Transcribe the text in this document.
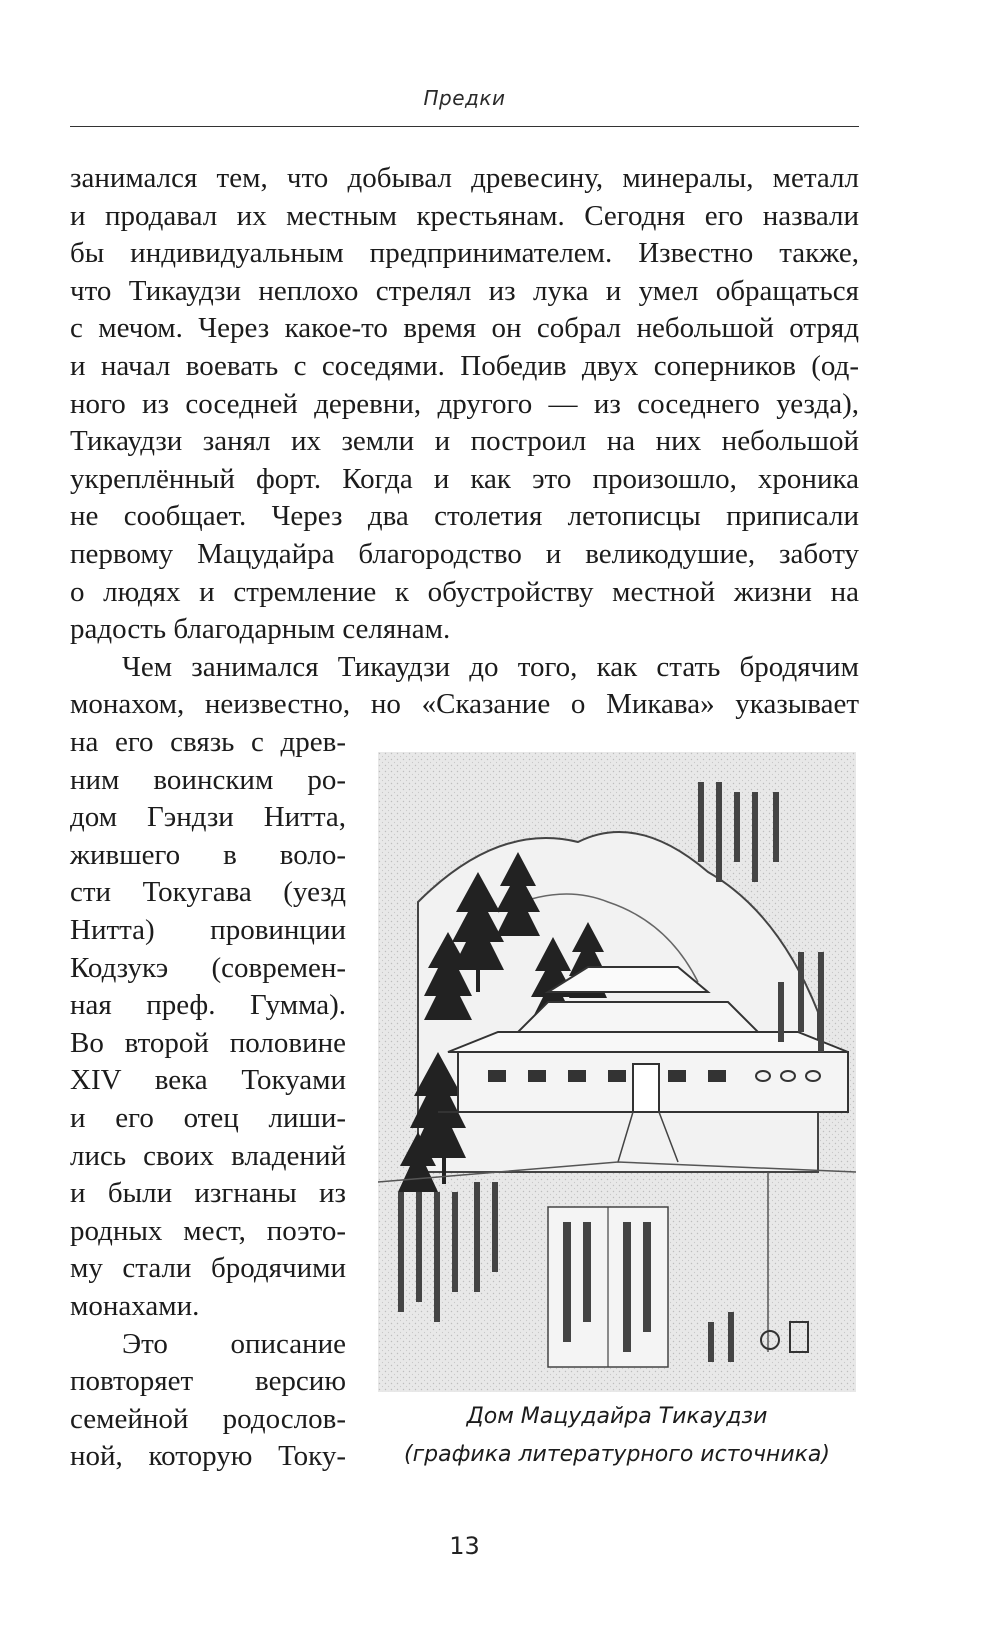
Предки
занимался тем, что добывал древесину, минералы, металл
и продавал их местным крестьянам. Сегодня его назвали
бы индивидуальным предпринимателем. Известно также,
что Тикаудзи неплохо стрелял из лука и умел обращаться
с мечом. Через какое-то время он собрал небольшой отряд
и начал воевать с соседями. Победив двух соперников (од-
ного из соседней деревни, другого — из соседнего уезда),
Тикаудзи занял их земли и построил на них небольшой
укреплённый форт. Когда и как это произошло, хроника
не сообщает. Через два столетия летописцы приписали
первому Мацудайра благородство и великодушие, заботу
о людях и стремление к обустройству местной жизни на
радость благодарным селянам.
Чем занимался Тикаудзи до того, как стать бродячим
монахом, неизвестно, но «Сказание о Микава» указывает
на его связь с древ-
ним воинским ро-
дом Гэндзи Нитта,
жившего в воло-
сти Токугава (уезд
Нитта) провинции
Кодзукэ (современ-
ная преф. Гумма).
Во второй половине
XIV века Токуами
и его отец лиши-
лись своих владений
и были изгнаны из
родных мест, поэто-
му стали бродячими
монахами.
Это описание
повторяет версию
семейной родослов-
ной, которую Току-
Дом Мацудайра Тикаудзи
(графика литературного источника)
13
